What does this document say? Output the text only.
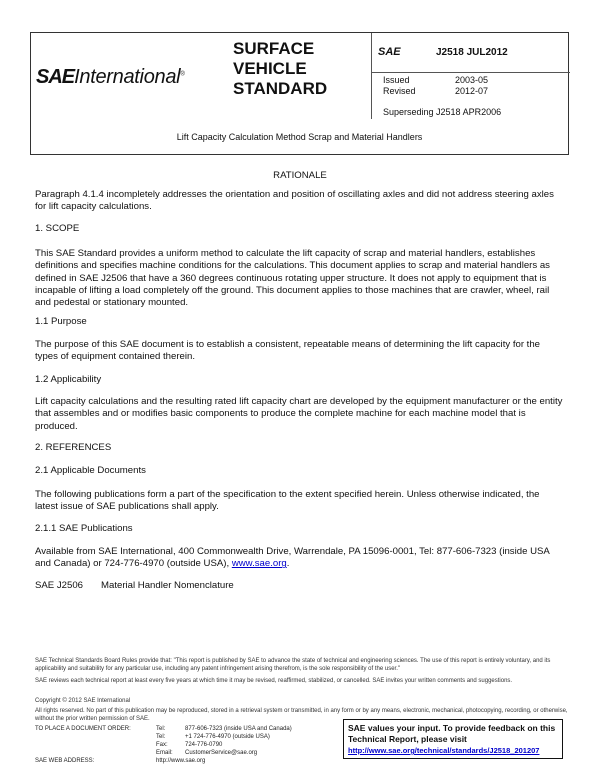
SAEInternational®
SURFACE
VEHICLE
STANDARD
SAE	J2518 JUL2012
Issued	2003-05
Revised	2012-07
Superseding J2518 APR2006
Lift Capacity Calculation Method Scrap and Material Handlers
RATIONALE
Paragraph 4.1.4 incompletely addresses the orientation and position of oscillating axles and did not address steering axles for lift capacity calculations.
1. SCOPE
This SAE Standard provides a uniform method to calculate the lift capacity of scrap and material handlers, establishes definitions and specifies machine conditions for the calculations. This document applies to scrap and material handlers as defined in SAE J2506 that have a 360 degrees continuous rotating upper structure. It does not apply to equipment that is incapable of lifting a load completely off the ground. This document applies to those machines that are crawler, wheel, rail and pedestal or stationary mounted.
1.1 Purpose
The purpose of this SAE document is to establish a consistent, repeatable means of determining the lift capacity for the types of equipment contained therein.
1.2 Applicability
Lift capacity calculations and the resulting rated lift capacity chart are developed by the equipment manufacturer or the entity that assembles and or modifies basic components to produce the complete machine for each machine model that is produced.
2. REFERENCES
2.1 Applicable Documents
The following publications form a part of the specification to the extent specified herein. Unless otherwise indicated, the latest issue of SAE publications shall apply.
2.1.1 SAE Publications
Available from SAE International, 400 Commonwealth Drive, Warrendale, PA 15096-0001, Tel: 877-606-7323 (inside USA and Canada) or 724-776-4970 (outside USA), www.sae.org.
SAE J2506 Material Handler Nomenclature
SAE Technical Standards Board Rules provide that: "This report is published by SAE to advance the state of technical and engineering sciences. The use of this report is entirely voluntary, and its applicability and suitability for any particular use, including any patent infringement arising therefrom, is the sole responsibility of the user."
SAE reviews each technical report at least every five years at which time it may be revised, reaffirmed, stabilized, or cancelled. SAE invites your written comments and suggestions.
Copyright © 2012 SAE International
All rights reserved. No part of this publication may be reproduced, stored in a retrieval system or transmitted, in any form or by any means, electronic, mechanical, photocopying, recording, or otherwise, without the prior written permission of SAE.
TO PLACE A DOCUMENT ORDER:	Tel:	877-606-7323 (inside USA and Canada)
Tel:	+1 724-776-4970 (outside USA)
Fax:	724-776-0790
Email: CustomerService@sae.org
SAE WEB ADDRESS:	http://www.sae.org
SAE values your input. To provide feedback on this Technical Report, please visit
http://www.sae.org/technical/standards/J2518_201207
